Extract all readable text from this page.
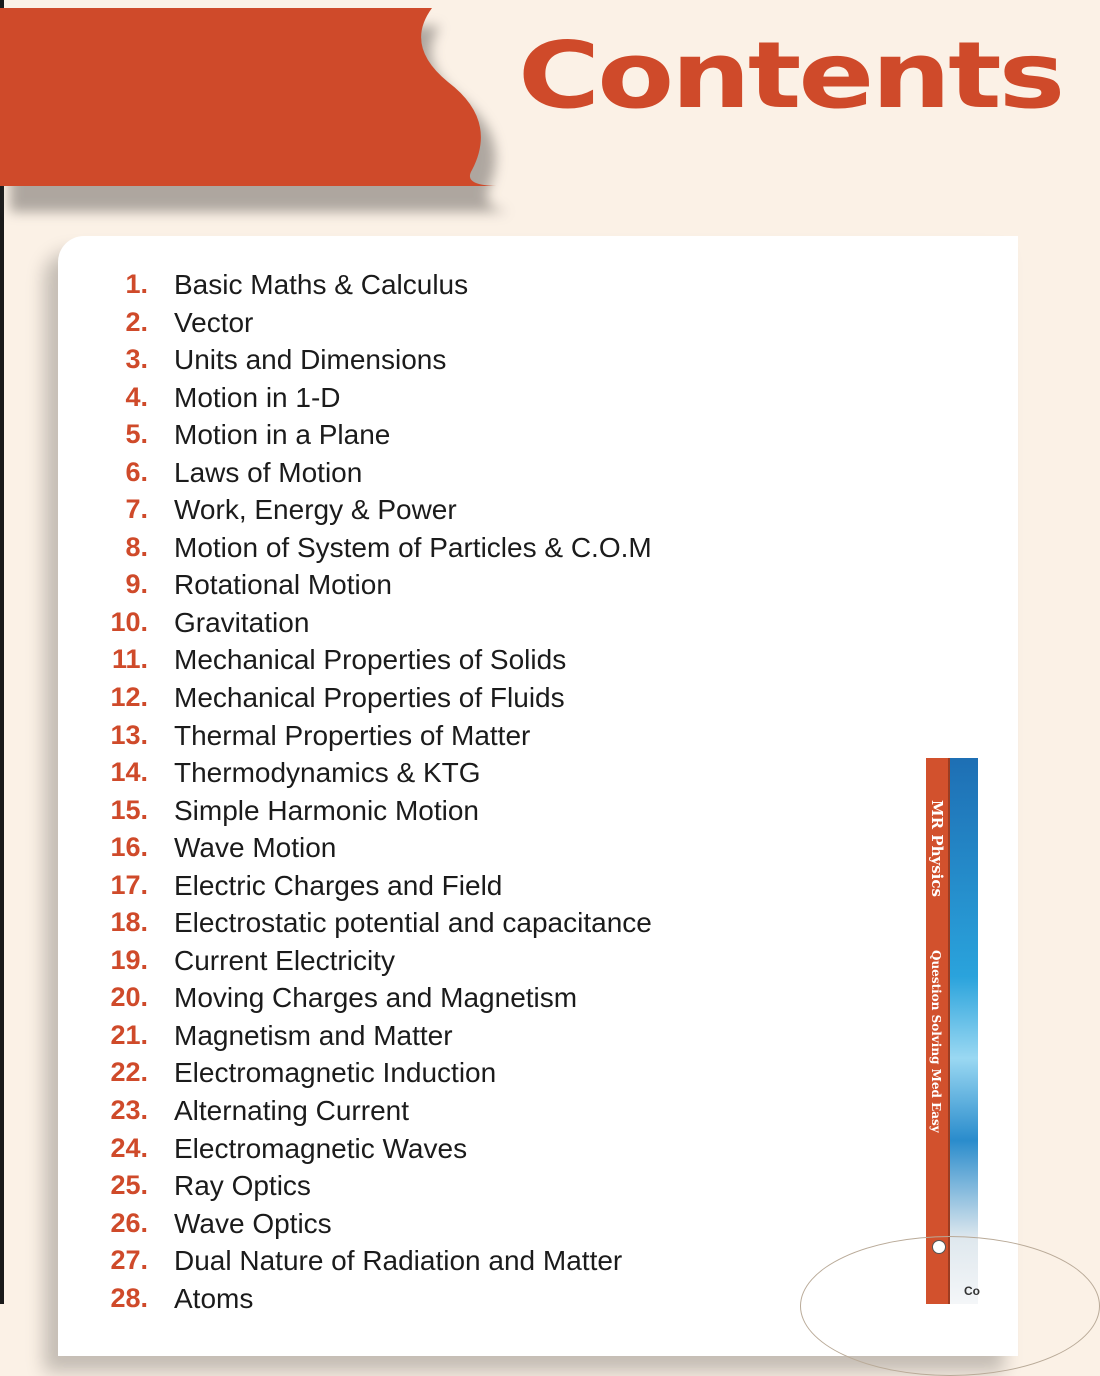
Contents
1. Basic Maths & Calculus
2. Vector
3. Units and Dimensions
4. Motion in 1-D
5. Motion in a Plane
6. Laws of Motion
7. Work, Energy & Power
8. Motion of System of Particles & C.O.M
9. Rotational Motion
10. Gravitation
11. Mechanical Properties of Solids
12. Mechanical Properties of Fluids
13. Thermal Properties of Matter
14. Thermodynamics & KTG
15. Simple Harmonic Motion
16. Wave Motion
17. Electric Charges and Field
18. Electrostatic potential and capacitance
19. Current Electricity
20. Moving Charges and Magnetism
21. Magnetism and Matter
22. Electromagnetic Induction
23. Alternating Current
24. Electromagnetic Waves
25. Ray Optics
26. Wave Optics
27. Dual Nature of Radiation and Matter
28. Atoms
MR Physics
Question Solving Med Easy
Co
